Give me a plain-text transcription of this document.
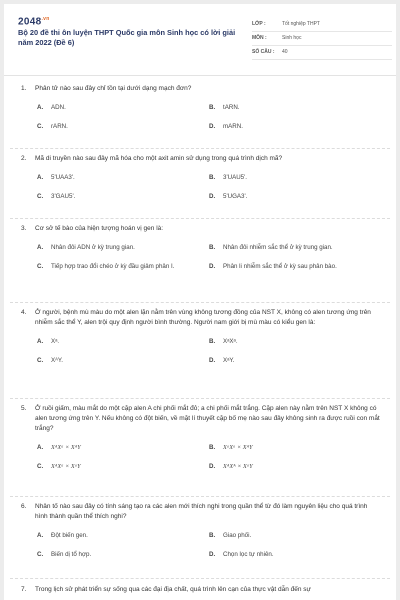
$2048^{.vn}$
Bộ 20 đề thi ôn luyện THPT Quốc gia môn Sinh học có lời giải năm 2022 (Đề 6)
LỚP :	Tốt nghiệp THPT
MÔN :	Sinh học
SỐ CÂU :	40
1.	Phân tử nào sau đây chỉ tồn tại dưới dạng mạch đơn?
A.	ADN.	B.	tARN.
C.	rARN.	D.	mARN.
2.	Mã di truyền nào sau đây mã hóa cho một axit amin sử dụng trong quá trình dịch mã?
A.	5'UAA3'.	B.	3'UAU5'.
C.	3'GAU5'.	D.	5'UGA3'.
3.	Cơ sở tế bào của hiện tượng hoán vị gen là:
A.	Nhân đôi ADN ở kỳ trung gian.	B.	Nhân đôi nhiễm sắc thể ở kỳ trung gian.
C.	Tiếp hợp trao đổi chéo ở kỳ đầu giảm phân I.	D.	Phân li nhiễm sắc thể ở kỳ sau phân bào.
4.	Ở người, bệnh mù màu do một alen lặn nằm trên vùng không tương đồng của NST X, không có alen tương ứng trên nhiễm sắc thể Y, alen trội quy định người bình thường. Người nam giới bị mù màu có kiểu gen là:
A.	Xᵃ.	B.	XᵃXᵃ.
C.	XᴬY.	D.	XᵃY.
5.	Ở ruồi giấm, màu mắt do một cặp alen A chi phối mắt đỏ; a chi phối mắt trắng. Cặp alen này nằm trên NST X không có alen tương ứng trên Y. Nếu không có đột biến, về mặt lí thuyết cặp bố mẹ nào sau đây không sinh ra được ruồi con mắt trắng?
A.	XᴬXᵃ × XᴬY	B.	XᵃXᵃ × XᴬY
C.	XᴬXᵃ × XᵃY	D.	XᴬXᴬ × XᵃY
6.	Nhân tố nào sau đây có tính sáng tạo ra các alen mới thích nghi trong quần thể từ đó làm nguyên liệu cho quá trình hình thành quần thể thích nghi?
A.	Đột biến gen.	B.	Giao phối.
C.	Biến dị tổ hợp.	D.	Chọn lọc tự nhiên.
7.	Trong lịch sử phát triển sự sống qua các đại địa chất, quá trình lên cạn của thực vật dẫn đến sự
